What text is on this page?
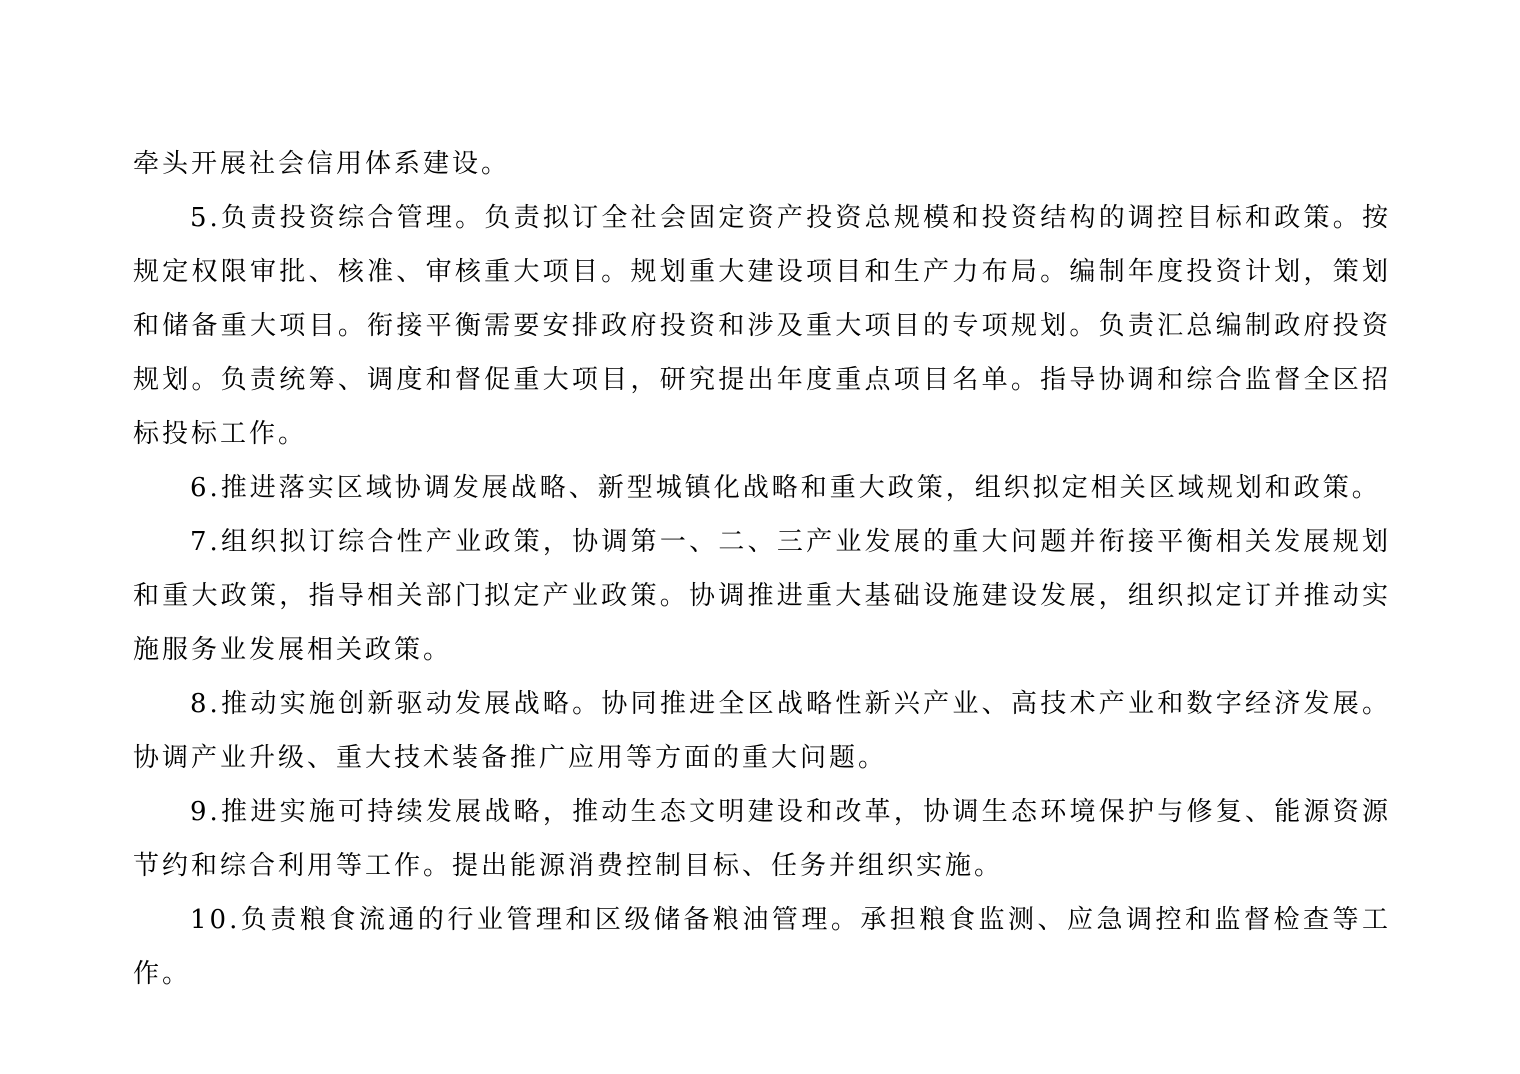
牵头开展社会信用体系建设。

5.负责投资综合管理。负责拟订全社会固定资产投资总规模和投资结构的调控目标和政策。按规定权限审批、核准、审核重大项目。规划重大建设项目和生产力布局。编制年度投资计划，策划和储备重大项目。衔接平衡需要安排政府投资和涉及重大项目的专项规划。负责汇总编制政府投资规划。负责统筹、调度和督促重大项目，研究提出年度重点项目名单。指导协调和综合监督全区招标投标工作。

6.推进落实区域协调发展战略、新型城镇化战略和重大政策，组织拟定相关区域规划和政策。

7.组织拟订综合性产业政策，协调第一、二、三产业发展的重大问题并衔接平衡相关发展规划和重大政策，指导相关部门拟定产业政策。协调推进重大基础设施建设发展，组织拟定订并推动实施服务业发展相关政策。

8.推动实施创新驱动发展战略。协同推进全区战略性新兴产业、高技术产业和数字经济发展。协调产业升级、重大技术装备推广应用等方面的重大问题。

9.推进实施可持续发展战略，推动生态文明建设和改革，协调生态环境保护与修复、能源资源节约和综合利用等工作。提出能源消费控制目标、任务并组织实施。

10.负责粮食流通的行业管理和区级储备粮油管理。承担粮食监测、应急调控和监督检查等工作。
